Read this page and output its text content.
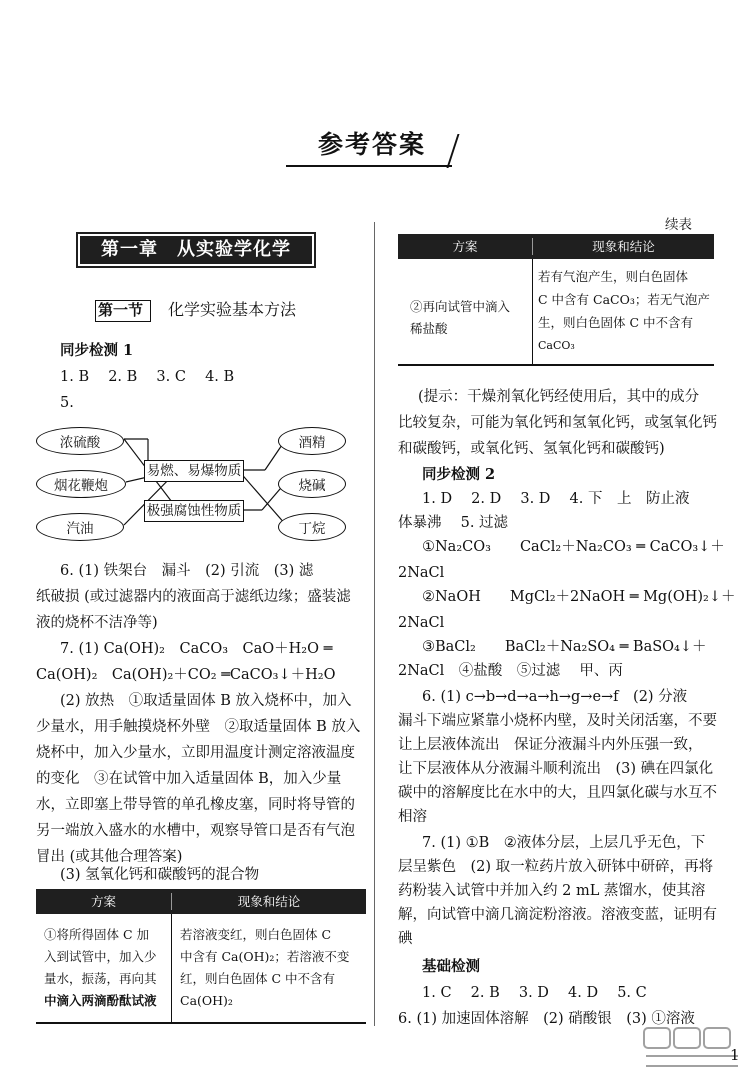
参考答案
第一章　从实验学化学
第一节 化学实验基本方法
同步检测 1
1. B　 2. B　 3. C　 4. B
5.
浓硫酸
烟花鞭炮
汽油
酒精
烧碱
丁烷
易燃、易爆物质
极强腐蚀性物质
6. (1) 铁架台　漏斗　(2) 引流　(3) 滤
纸破损 (或过滤器内的液面高于滤纸边缘；盛装滤
液的烧杯不洁净等)
7. (1) Ca(OH)₂　CaCO₃　CaO＋H₂O ═
Ca(OH)₂　Ca(OH)₂＋CO₂ ═CaCO₃↓＋H₂O
(2) 放热　①取适量固体 B 放入烧杯中，加入
少量水，用手触摸烧杯外壁　②取适量固体 B 放入
烧杯中，加入少量水，立即用温度计测定溶液温度
的变化　③在试管中加入适量固体 B，加入少量
水，立即塞上带导管的单孔橡皮塞，同时将导管的
另一端放入盛水的水槽中，观察导管口是否有气泡
冒出 (或其他合理答案)
(3) 氢氧化钙和碳酸钙的混合物
方案	现象和结论
①将所得固体 C 加
入到试管中，加入少
量水，振荡，再向其
中滴入两滴酚酞试液
若溶液变红，则白色固体 C
中含有 Ca(OH)₂；若溶液不变
红，则白色固体 C 中不含有
Ca(OH)₂
续表
方案	现象和结论
②再向试管中滴入
稀盐酸
若有气泡产生，则白色固体
C 中含有 CaCO₃；若无气泡产
生，则白色固体 C 中不含有
CaCO₃
(提示：干燥剂氧化钙经使用后，其中的成分
比较复杂，可能为氧化钙和氢氧化钙，或氢氧化钙
和碳酸钙，或氧化钙、氢氧化钙和碳酸钙)
同步检测 2
1. D　 2. D　 3. D　 4. 下　上　防止液
体暴沸　 5. 过滤
①Na₂CO₃　　CaCl₂＋Na₂CO₃ ═ CaCO₃↓＋
2NaCl
②NaOH　　MgCl₂＋2NaOH ═ Mg(OH)₂↓＋
2NaCl
③BaCl₂　　BaCl₂＋Na₂SO₄ ═ BaSO₄↓＋
2NaCl　④盐酸　⑤过滤　 甲、丙
6. (1) c→b→d→a→h→g→e→f　(2) 分液
漏斗下端应紧靠小烧杯内壁，及时关闭活塞，不要
让上层液体流出　保证分液漏斗内外压强一致，
让下层液体从分液漏斗顺利流出　(3) 碘在四氯化
碳中的溶解度比在水中的大，且四氯化碳与水互不
相溶
7. (1) ①B　②液体分层，上层几乎无色，下
层呈紫色　(2) 取一粒药片放入研钵中研碎，再将
药粉装入试管中并加入约 2 mL 蒸馏水，使其溶
解，向试管中滴几滴淀粉溶液。溶液变蓝，证明有
碘
基础检测
1. C　 2. B　 3. D　 4. D　 5. C
6. (1) 加速固体溶解　(2) 硝酸银　(3) ①溶液
1
